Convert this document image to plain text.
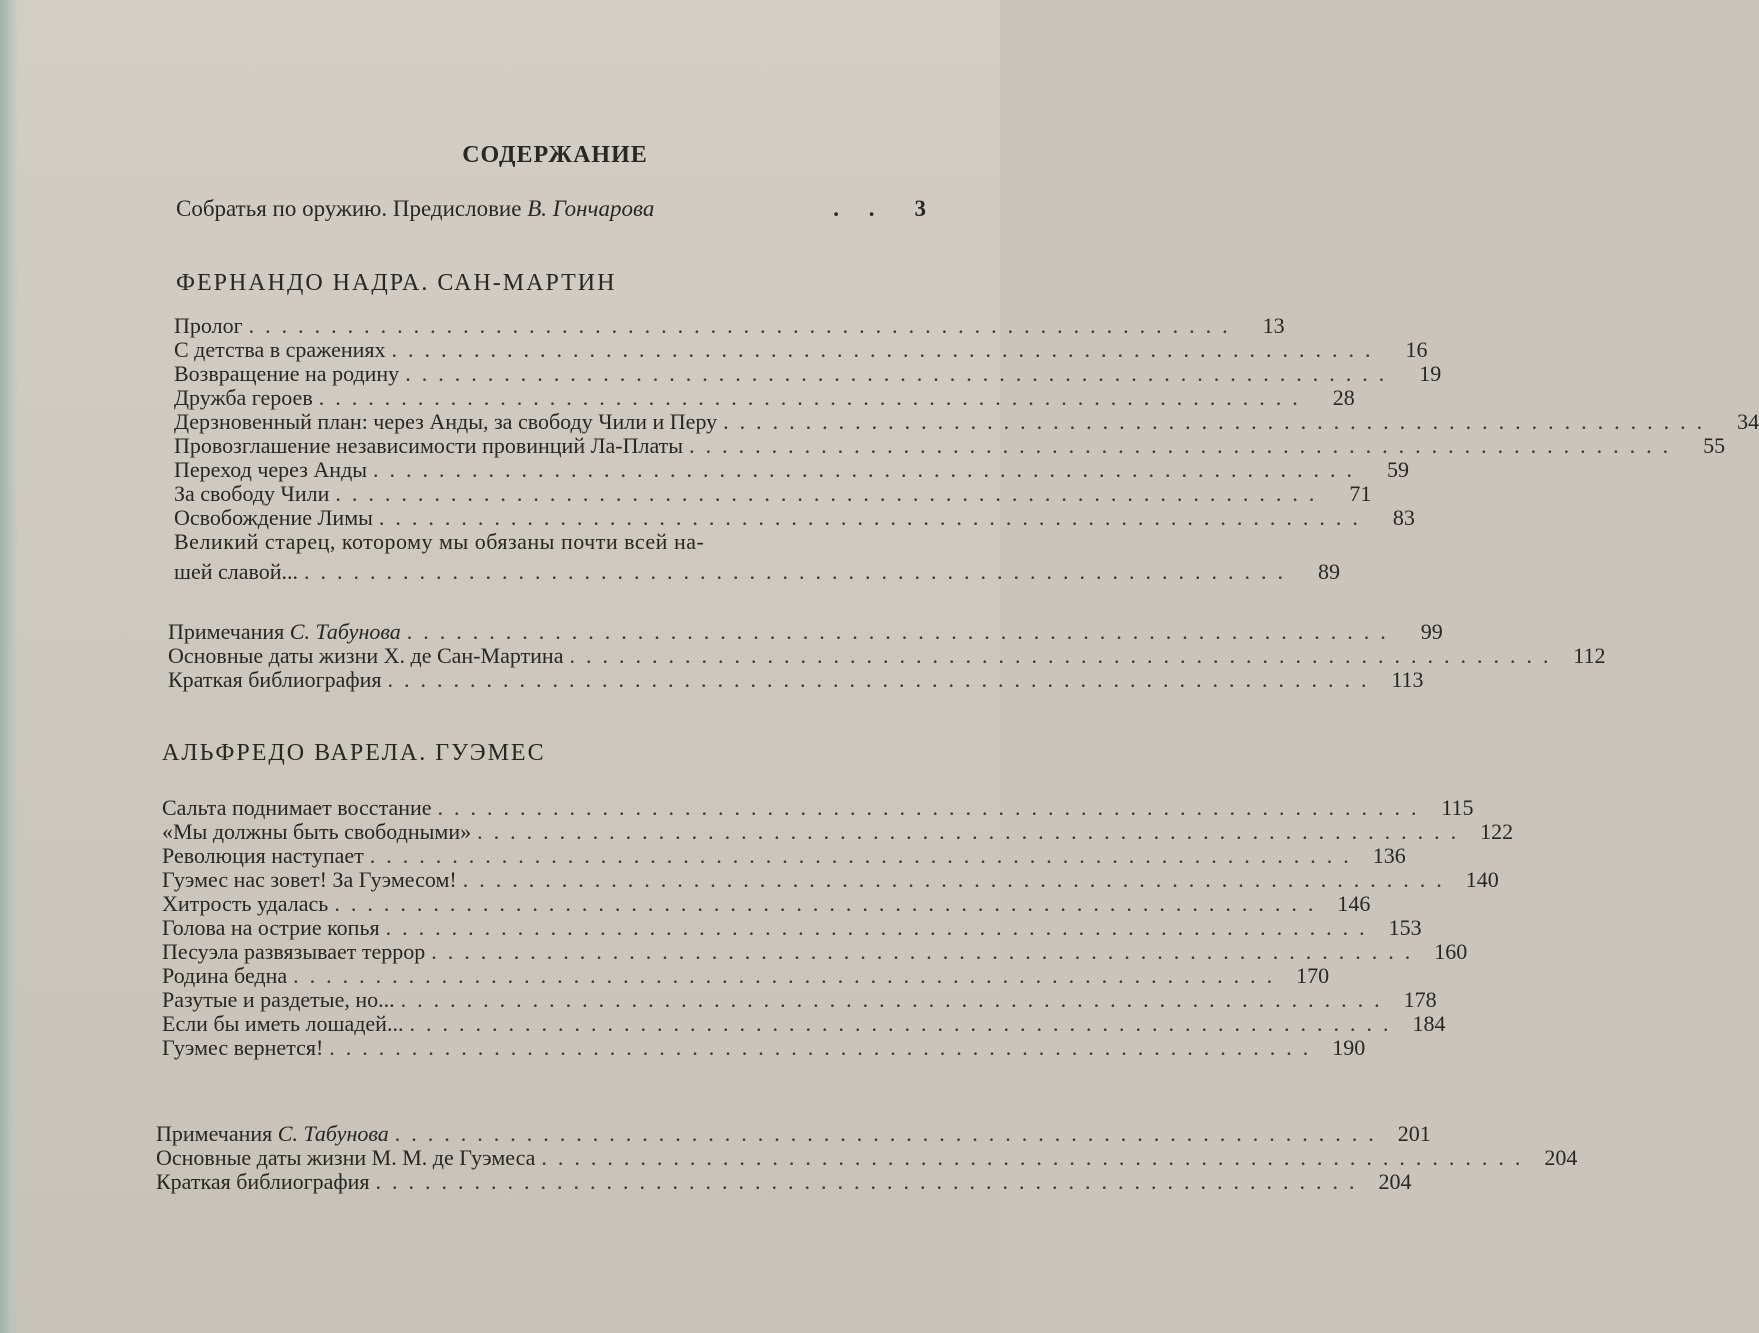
СОДЕРЖАНИЕ
Собратья по оружию. Предисловие В. Гончарова	. . 3
ФЕРНАНДО НАДРА. САН-МАРТИН
Пролог ............................................................	13
С детства в сражениях ............................................................	16
Возвращение на родину ............................................................	19
Дружба героев ............................................................	28
Дерзновенный план: через Анды, за свободу Чили и Перу ............................................................	34
Провозглашение независимости провинций Ла-Платы ............................................................	55
Переход через Анды ............................................................	59
За свободу Чили ............................................................	71
Освобождение Лимы ............................................................	83
Великий старец, которому мы обязаны почти всей на-
шей славой... ............................................................	89
Примечания С. Табунова ............................................................	99
Основные даты жизни Х. де Сан-Мартина ............................................................ 112
Краткая библиография ............................................................ 113
АЛЬФРЕДО ВАРЕЛА. ГУЭМЕС
Сальта поднимает восстание ............................................................ 115
«Мы должны быть свободными» ............................................................ 122
Революция наступает ............................................................ 136
Гуэмес нас зовет! За Гуэмесом! ............................................................ 140
Хитрость удалась ............................................................ 146
Голова на острие копья ............................................................ 153
Песуэла развязывает террор ............................................................ 160
Родина бедна ............................................................ 170
Разутые и раздетые, но... ............................................................ 178
Если бы иметь лошадей... ............................................................ 184
Гуэмес вернется! ............................................................ 190
Примечания С. Табунова ............................................................ 201
Основные даты жизни М. М. де Гуэмеса ............................................................ 204
Краткая библиография ............................................................ 204
